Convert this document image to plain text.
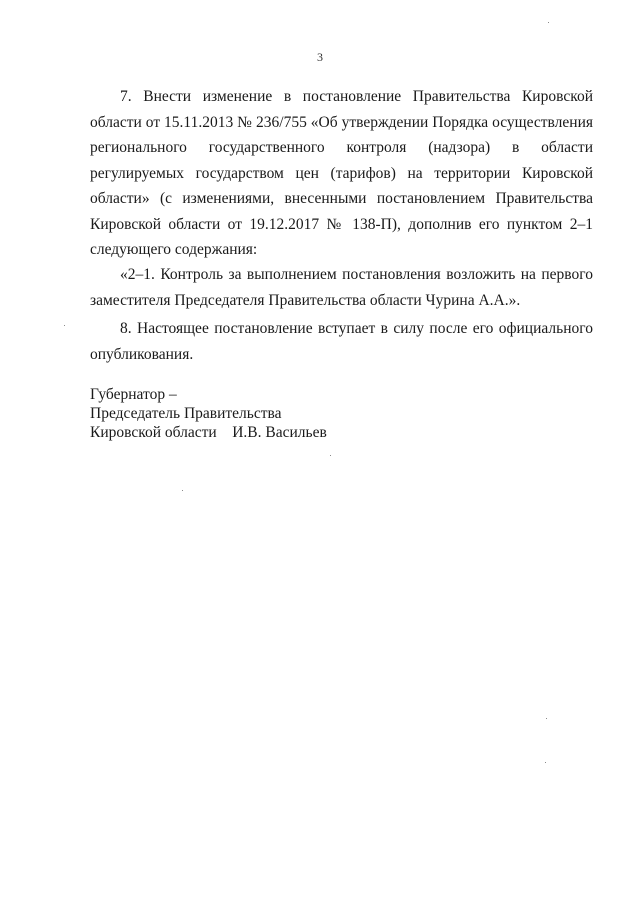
3

7. Внести изменение в постановление Правительства Кировской области от 15.11.2013 № 236/755 «Об утверждении Порядка осуществления регионального государственного контроля (надзора) в области регулируемых государством цен (тарифов) на территории Кировской области» (с изменениями, внесенными постановлением Правительства Кировской области от 19.12.2017 № 138-П), дополнив его пунктом 2–1 следующего содержания:

«2–1. Контроль за выполнением постановления возложить на первого заместителя Председателя Правительства области Чурина А.А.».

8. Настоящее постановление вступает в силу после его официального опубликования.

Губернатор –
Председатель Правительства
Кировской области    И.В. Васильев
